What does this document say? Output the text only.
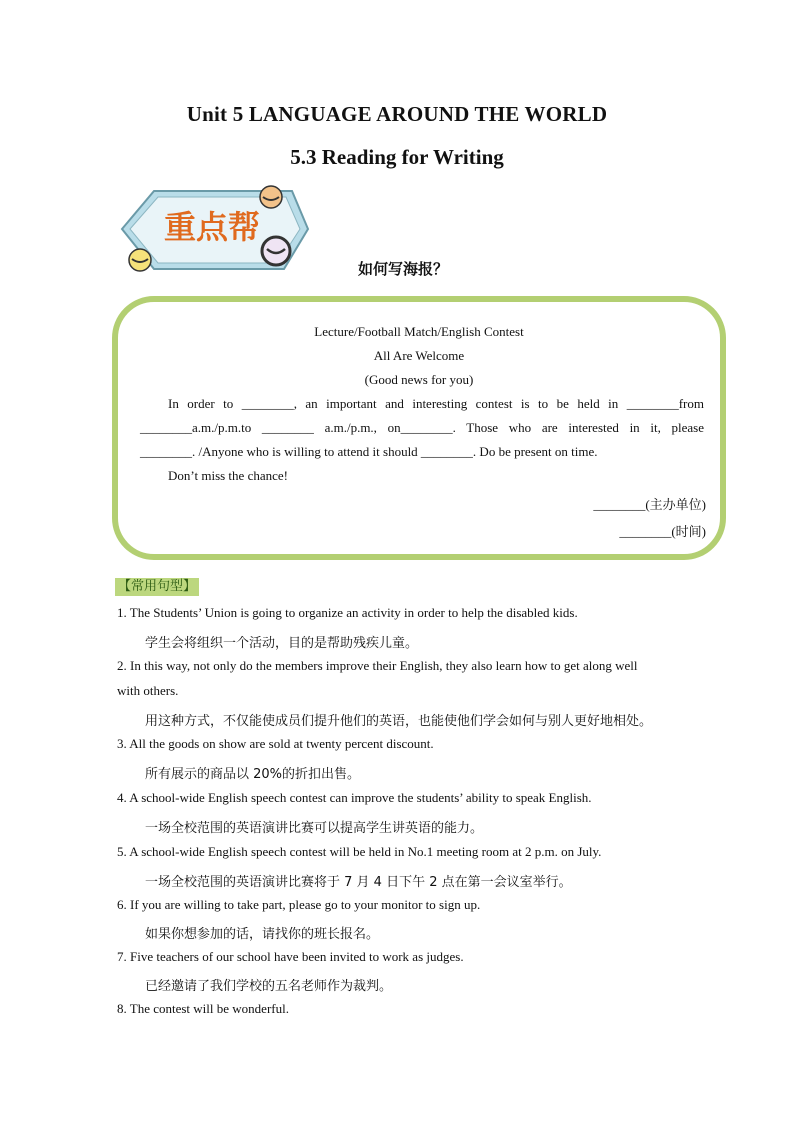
Unit 5 LANGUAGE AROUND THE WORLD
5.3 Reading for Writing
重点帮
如何写海报？
Lecture/Football Match/English Contest
All Are Welcome
(Good news for you)
In order to ________, an important and interesting contest is to be held in ________from
________a.m./p.m.to ________ a.m./p.m., on________. Those who are interested in it, please
________. /Anyone who is willing to attend it should ________. Do be present on time.
Don’t miss the chance!
________(主办单位)
________(时间)
【常用句型】
1. The Students’ Union is going to organize an activity in order to help the disabled kids.
学生会将组织一个活动，目的是帮助残疾儿童。
2. In this way, not only do the members improve their English, they also learn how to get along well
with others.
用这种方式，不仅能使成员们提升他们的英语，也能使他们学会如何与别人更好地相处。
3. All the goods on show are sold at twenty percent discount.
所有展示的商品以 20%的折扣出售。
4. A school-wide English speech contest can improve the students’ ability to speak English.
一场全校范围的英语演讲比赛可以提高学生讲英语的能力。
5. A school-wide English speech contest will be held in No.1 meeting room at 2 p.m. on July.
一场全校范围的英语演讲比赛将于 7 月 4 日下午 2 点在第一会议室举行。
6. If you are willing to take part, please go to your monitor to sign up.
如果你想参加的话，请找你的班长报名。
7. Five teachers of our school have been invited to work as judges.
已经邀请了我们学校的五名老师作为裁判。
8. The contest will be wonderful.
